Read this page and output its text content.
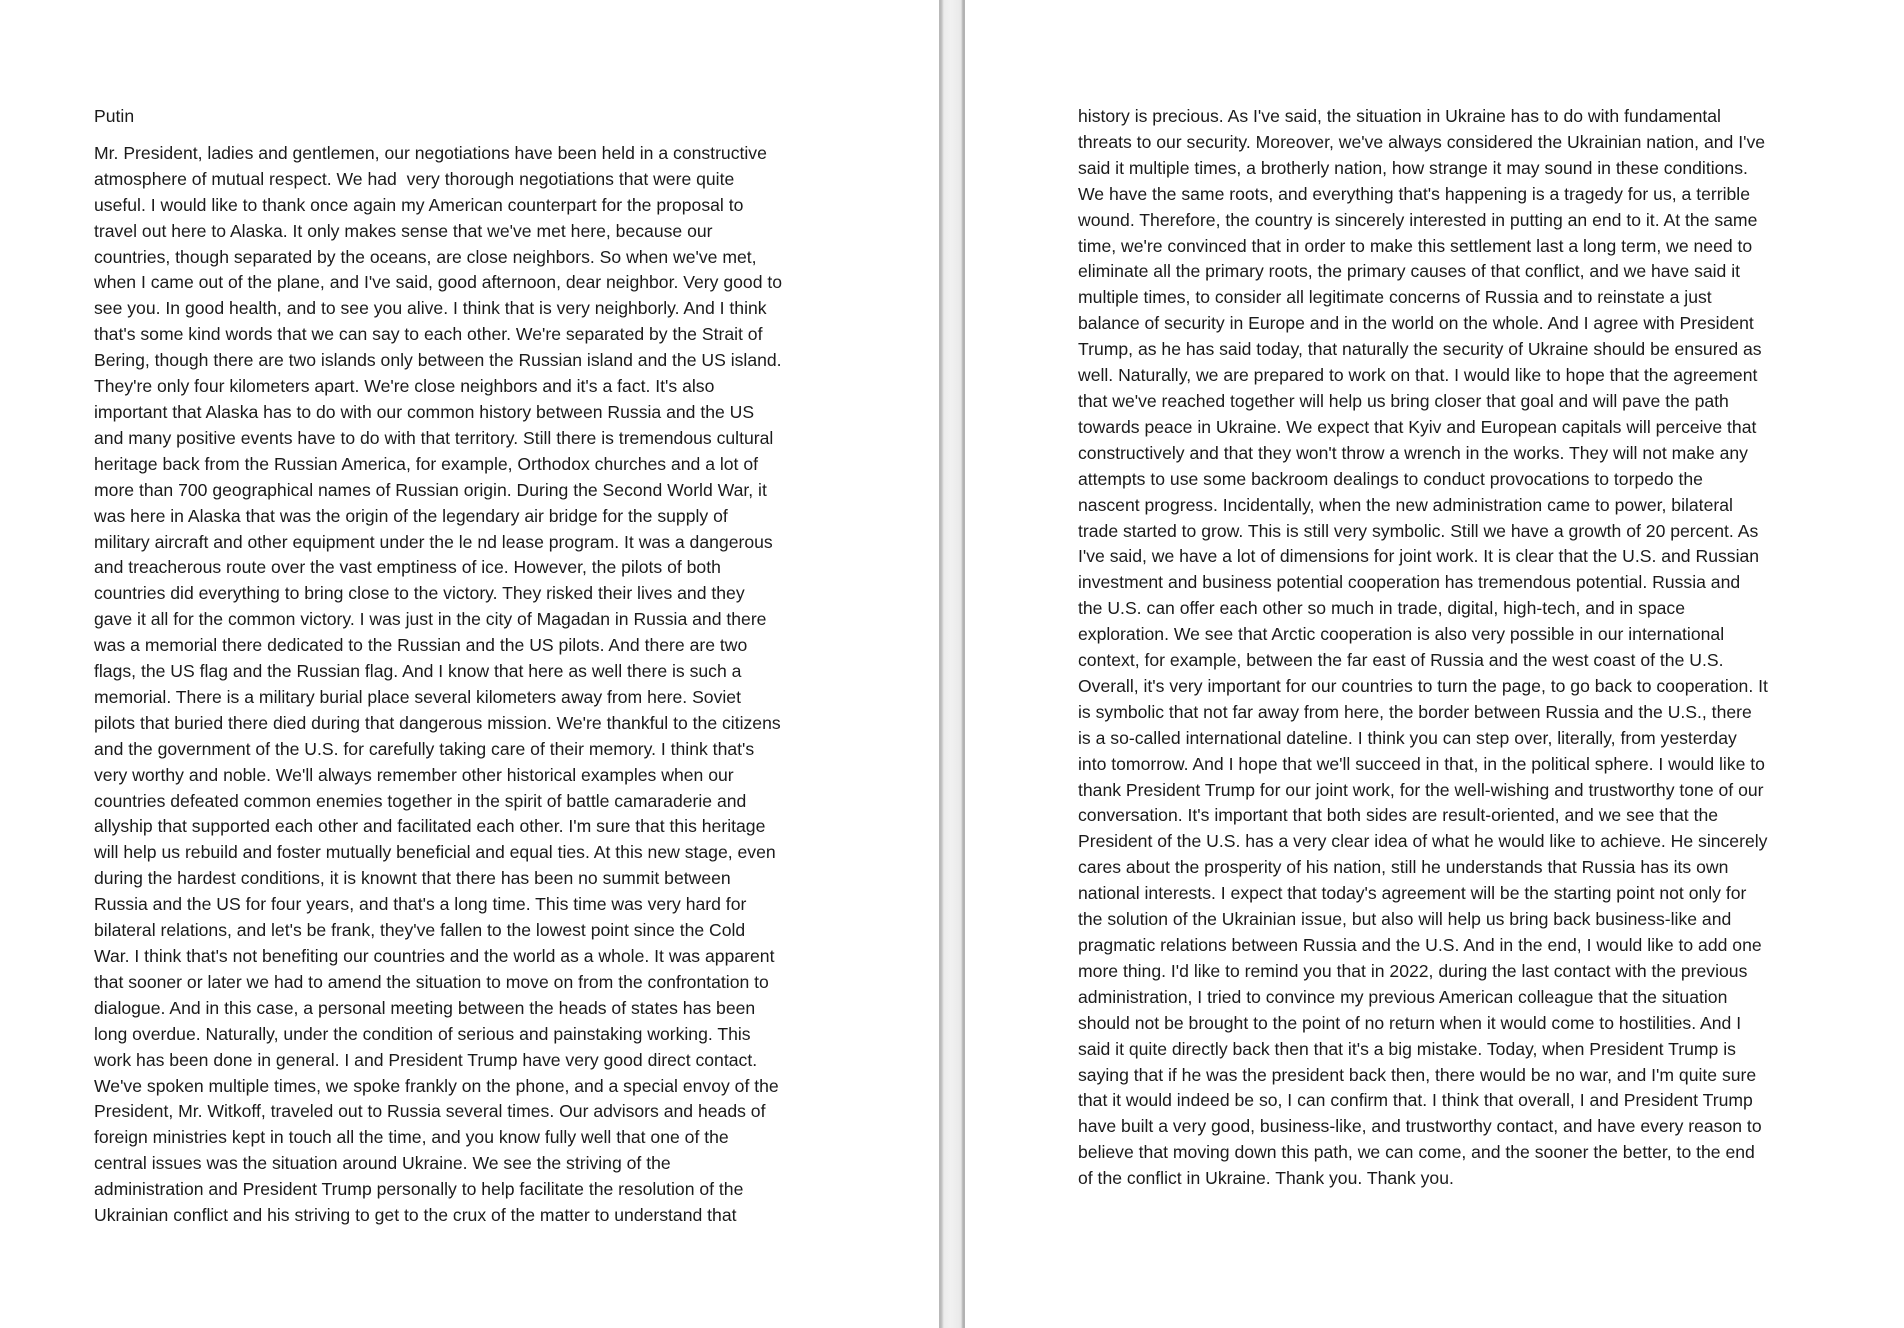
Putin
Mr. President, ladies and gentlemen, our negotiations have been held in a constructive
atmosphere of mutual respect. We had  very thorough negotiations that were quite
useful. I would like to thank once again my American counterpart for the proposal to
travel out here to Alaska. It only makes sense that we've met here, because our
countries, though separated by the oceans, are close neighbors. So when we've met,
when I came out of the plane, and I've said, good afternoon, dear neighbor. Very good to
see you. In good health, and to see you alive. I think that is very neighborly. And I think
that's some kind words that we can say to each other. We're separated by the Strait of
Bering, though there are two islands only between the Russian island and the US island.
They're only four kilometers apart. We're close neighbors and it's a fact. It's also
important that Alaska has to do with our common history between Russia and the US
and many positive events have to do with that territory. Still there is tremendous cultural
heritage back from the Russian America, for example, Orthodox churches and a lot of
more than 700 geographical names of Russian origin. During the Second World War, it
was here in Alaska that was the origin of the legendary air bridge for the supply of
military aircraft and other equipment under the le nd lease program. It was a dangerous
and treacherous route over the vast emptiness of ice. However, the pilots of both
countries did everything to bring close to the victory. They risked their lives and they
gave it all for the common victory. I was just in the city of Magadan in Russia and there
was a memorial there dedicated to the Russian and the US pilots. And there are two
flags, the US flag and the Russian flag. And I know that here as well there is such a
memorial. There is a military burial place several kilometers away from here. Soviet
pilots that buried there died during that dangerous mission. We're thankful to the citizens
and the government of the U.S. for carefully taking care of their memory. I think that's
very worthy and noble. We'll always remember other historical examples when our
countries defeated common enemies together in the spirit of battle camaraderie and
allyship that supported each other and facilitated each other. I'm sure that this heritage
will help us rebuild and foster mutually beneficial and equal ties. At this new stage, even
during the hardest conditions, it is knownt that there has been no summit between
Russia and the US for four years, and that's a long time. This time was very hard for
bilateral relations, and let's be frank, they've fallen to the lowest point since the Cold
War. I think that's not benefiting our countries and the world as a whole. It was apparent
that sooner or later we had to amend the situation to move on from the confrontation to
dialogue. And in this case, a personal meeting between the heads of states has been
long overdue. Naturally, under the condition of serious and painstaking working. This
work has been done in general. I and President Trump have very good direct contact.
We've spoken multiple times, we spoke frankly on the phone, and a special envoy of the
President, Mr. Witkoff, traveled out to Russia several times. Our advisors and heads of
foreign ministries kept in touch all the time, and you know fully well that one of the
central issues was the situation around Ukraine. We see the striving of the
administration and President Trump personally to help facilitate the resolution of the
Ukrainian conflict and his striving to get to the crux of the matter to understand that
history is precious. As I've said, the situation in Ukraine has to do with fundamental
threats to our security. Moreover, we've always considered the Ukrainian nation, and I've
said it multiple times, a brotherly nation, how strange it may sound in these conditions.
We have the same roots, and everything that's happening is a tragedy for us, a terrible
wound. Therefore, the country is sincerely interested in putting an end to it. At the same
time, we're convinced that in order to make this settlement last a long term, we need to
eliminate all the primary roots, the primary causes of that conflict, and we have said it
multiple times, to consider all legitimate concerns of Russia and to reinstate a just
balance of security in Europe and in the world on the whole. And I agree with President
Trump, as he has said today, that naturally the security of Ukraine should be ensured as
well. Naturally, we are prepared to work on that. I would like to hope that the agreement
that we've reached together will help us bring closer that goal and will pave the path
towards peace in Ukraine. We expect that Kyiv and European capitals will perceive that
constructively and that they won't throw a wrench in the works. They will not make any
attempts to use some backroom dealings to conduct provocations to torpedo the
nascent progress. Incidentally, when the new administration came to power, bilateral
trade started to grow. This is still very symbolic. Still we have a growth of 20 percent. As
I've said, we have a lot of dimensions for joint work. It is clear that the U.S. and Russian
investment and business potential cooperation has tremendous potential. Russia and
the U.S. can offer each other so much in trade, digital, high-tech, and in space
exploration. We see that Arctic cooperation is also very possible in our international
context, for example, between the far east of Russia and the west coast of the U.S.
Overall, it's very important for our countries to turn the page, to go back to cooperation. It
is symbolic that not far away from here, the border between Russia and the U.S., there
is a so-called international dateline. I think you can step over, literally, from yesterday
into tomorrow. And I hope that we'll succeed in that, in the political sphere. I would like to
thank President Trump for our joint work, for the well-wishing and trustworthy tone of our
conversation. It's important that both sides are result-oriented, and we see that the
President of the U.S. has a very clear idea of what he would like to achieve. He sincerely
cares about the prosperity of his nation, still he understands that Russia has its own
national interests. I expect that today's agreement will be the starting point not only for
the solution of the Ukrainian issue, but also will help us bring back business-like and
pragmatic relations between Russia and the U.S. And in the end, I would like to add one
more thing. I'd like to remind you that in 2022, during the last contact with the previous
administration, I tried to convince my previous American colleague that the situation
should not be brought to the point of no return when it would come to hostilities. And I
said it quite directly back then that it's a big mistake. Today, when President Trump is
saying that if he was the president back then, there would be no war, and I'm quite sure
that it would indeed be so, I can confirm that. I think that overall, I and President Trump
have built a very good, business-like, and trustworthy contact, and have every reason to
believe that moving down this path, we can come, and the sooner the better, to the end
of the conflict in Ukraine. Thank you. Thank you.
